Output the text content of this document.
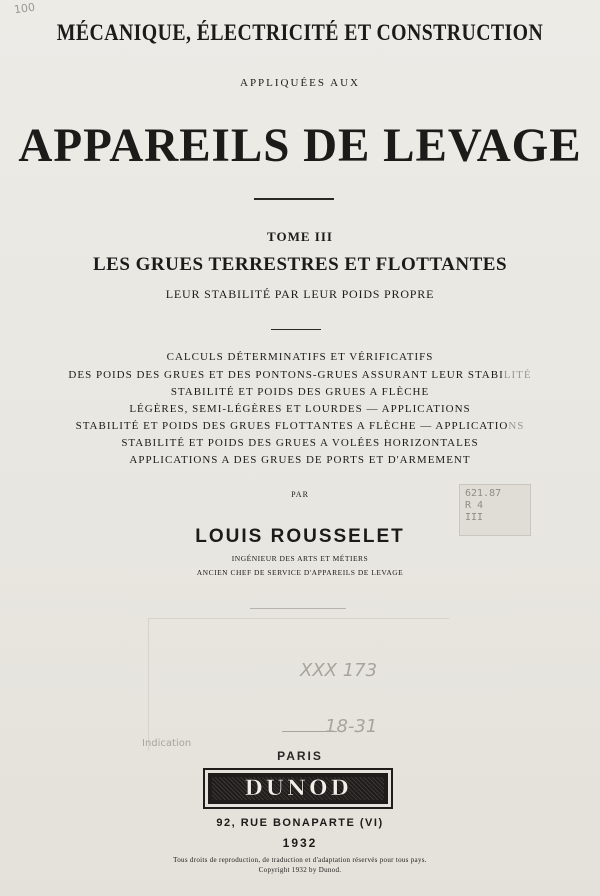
100
MÉCANIQUE, ÉLECTRICITÉ ET CONSTRUCTION
APPLIQUÉES AUX
APPAREILS DE LEVAGE
TOME III
LES GRUES TERRESTRES ET FLOTTANTES
LEUR STABILITÉ PAR LEUR POIDS PROPRE
CALCULS DÉTERMINATIFS ET VÉRIFICATIFS
DES POIDS DES GRUES ET DES PONTONS-GRUES ASSURANT LEUR STABILITÉ
STABILITÉ ET POIDS DES GRUES A FLÈCHE
LÉGÈRES, SEMI-LÉGÈRES ET LOURDES — APPLICATIONS
STABILITÉ ET POIDS DES GRUES FLOTTANTES A FLÈCHE — APPLICATIONS
STABILITÉ ET POIDS DES GRUES A VOLÉES HORIZONTALES
APPLICATIONS A DES GRUES DE PORTS ET D'ARMEMENT
621.87
R 4
III
PAR
LOUIS ROUSSELET
INGÉNIEUR DES ARTS ET MÉTIERS
ANCIEN CHEF DE SERVICE D'APPAREILS DE LEVAGE
XXX 173
Indication
18-31
PARIS
DUNOD
92, RUE BONAPARTE (VI)
1932
Tous droits de reproduction, de traduction et d'adaptation réservés pour tous pays.
Copyright 1932 by Dunod.
